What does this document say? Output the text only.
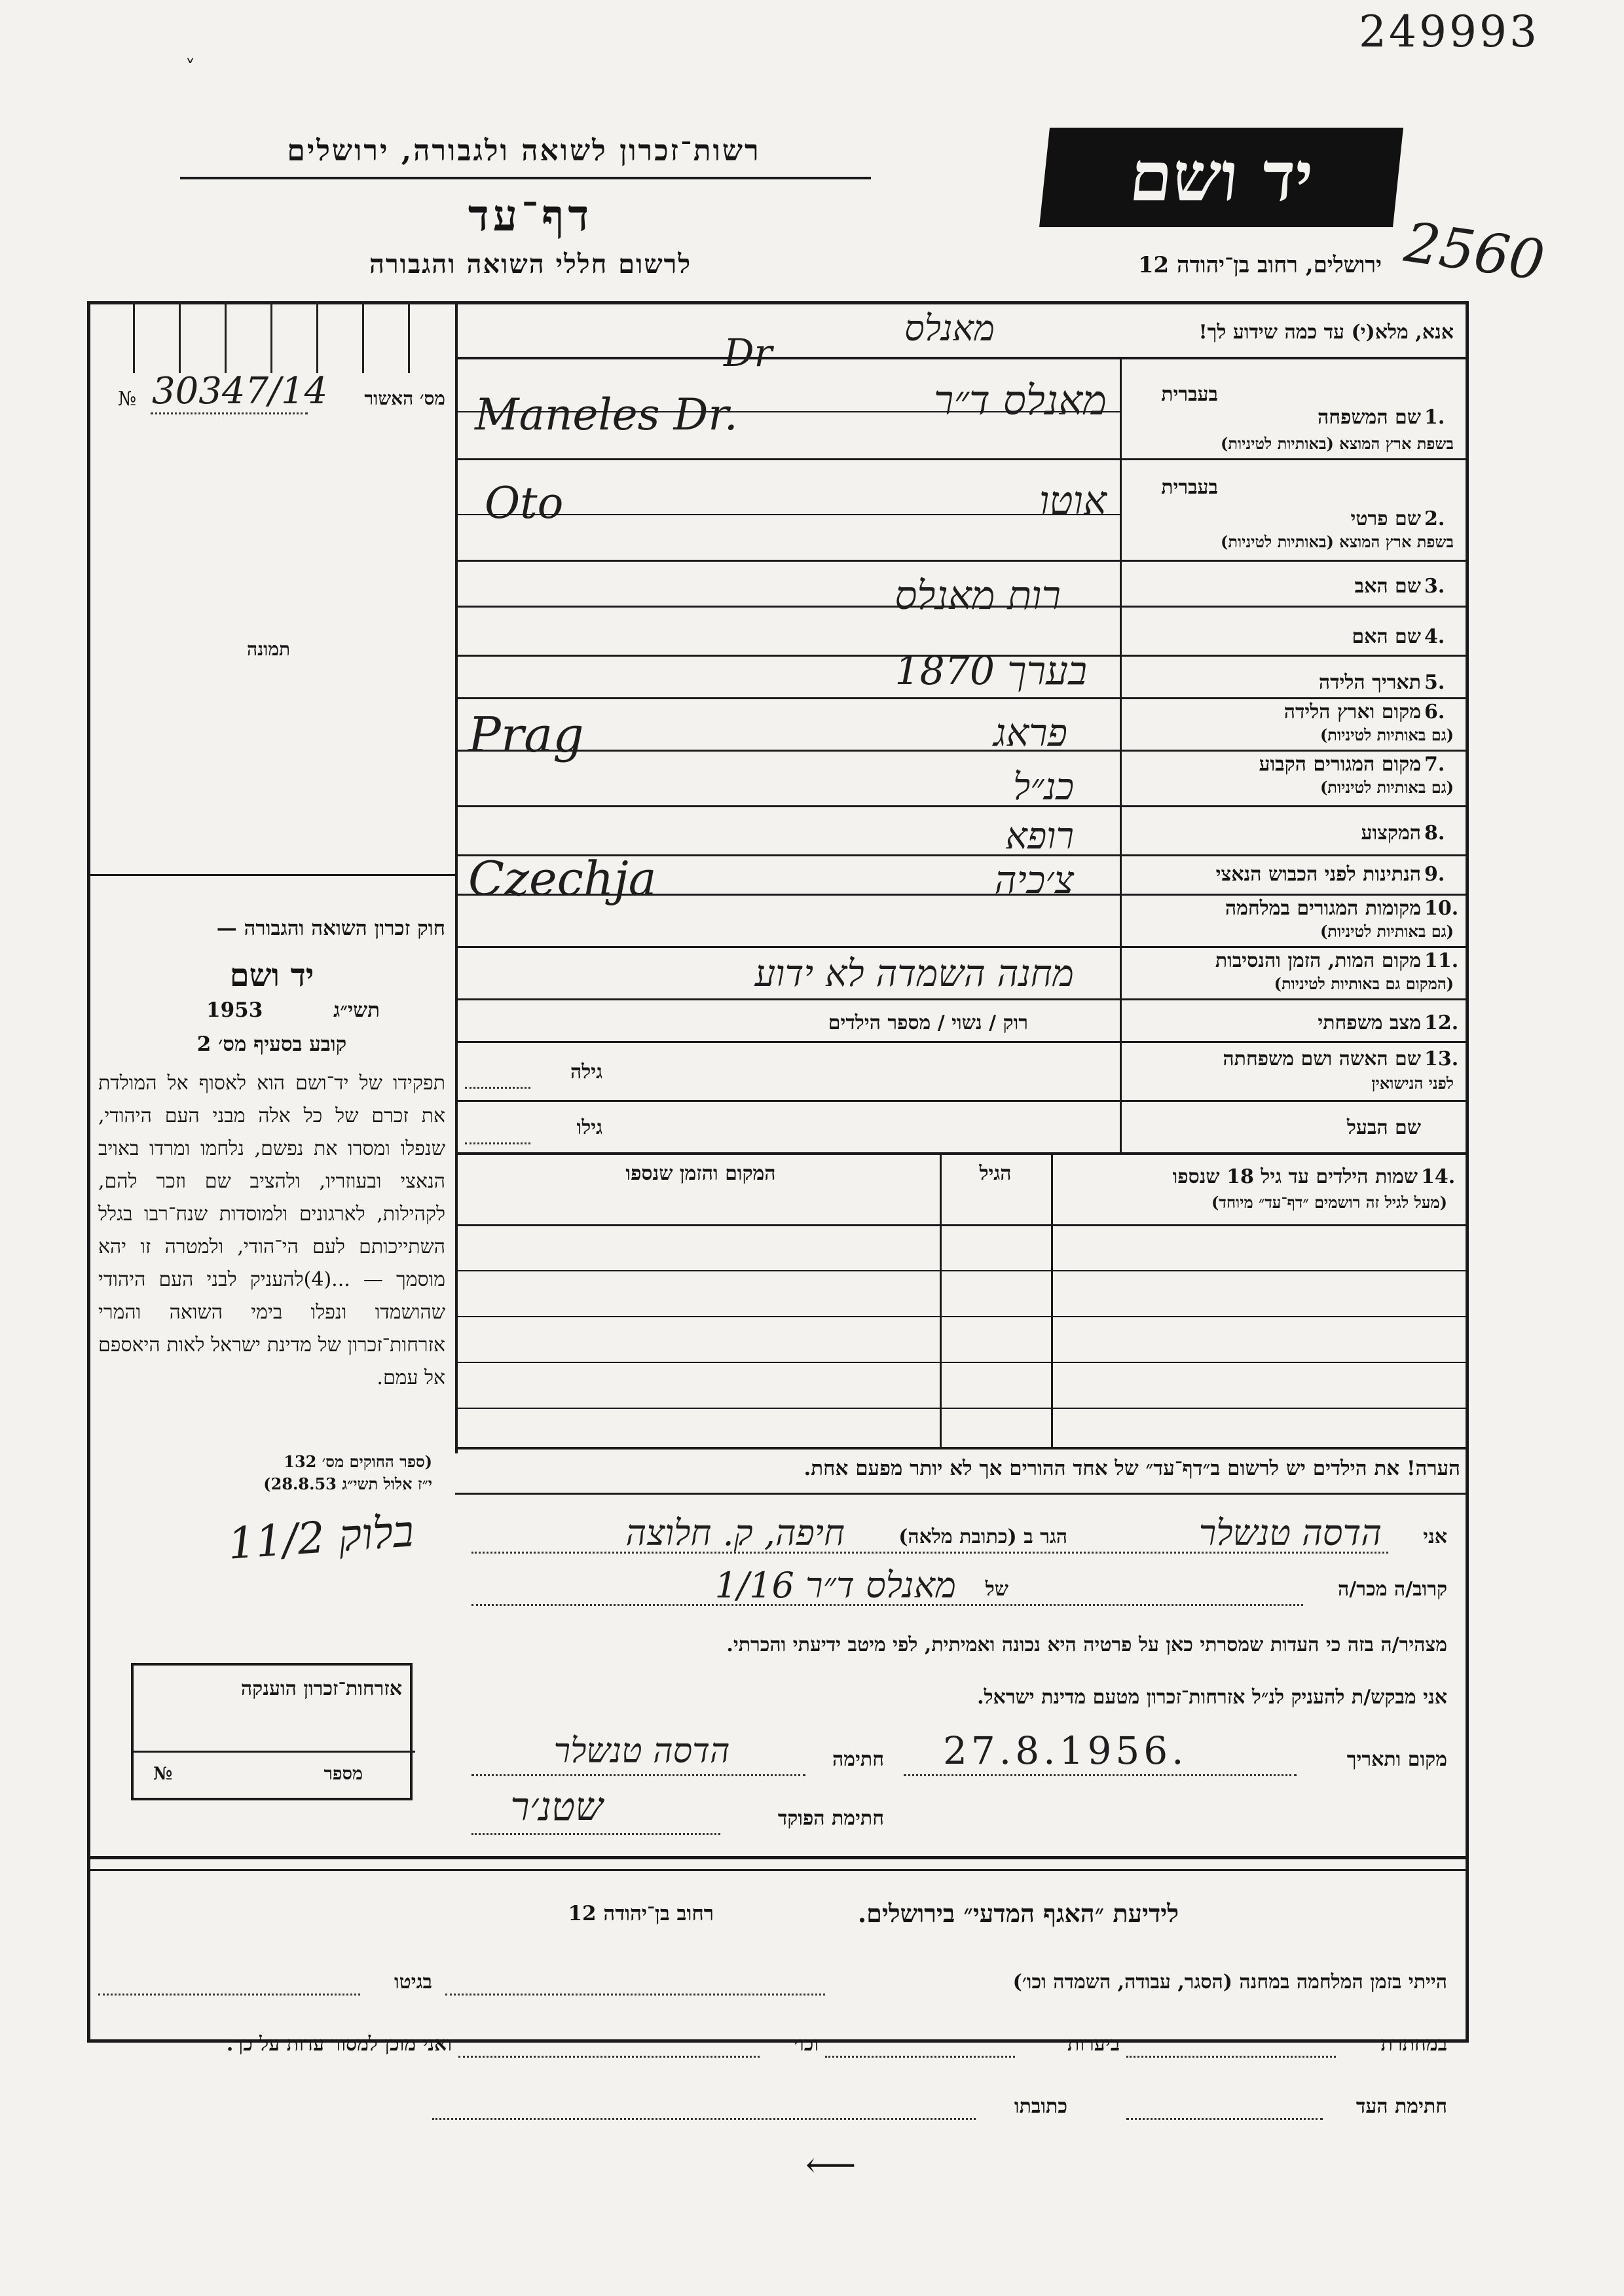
249993
˅
רשות־זכרון לשואה ולגבורה, ירושלים
דף־עד
לרשום חללי השואה והגבורה
יד ושם
ירושלים, רחוב בן־יהודה 12 2560
№ 30347/14	מס׳ האשור
תמונה
אנא, מלא(י) עד כמה שידוע לך!
מאנלס
Dr
בעברית
1.
שם המשפחה
בשפת ארץ המוצא (באותיות לטיניות)
מאנלס ד״ר
Maneles Dr.
בעברית
2.
שם פרטי
בשפת ארץ המוצא (באותיות לטיניות)
אוטו
Oto
3.
שם האב
4.
שם האם
רות מאנלס
5.
תאריך הלידה
בערך 1870
6.
מקום וארץ הלידה
(גם באותיות לטיניות)
פראג
Prag
7.
מקום המגורים הקבוע
(גם באותיות לטיניות)
כנ״ל
8.
המקצוע
רופא
9.
הנתינות לפני הכבוש הנאצי
צ׳כיה
Czechja
10.
מקומות המגורים במלחמה
(גם באותיות לטיניות)
11.
מקום המות, הזמן והנסיבות
(המקום גם באותיות לטיניות)
מחנה השמדה לא ידוע
12.
מצב משפחתי
רוק / נשוי / מספר הילדים
13.
שם האשה ושם משפחתה
לפני הנישואין
גילה
שם הבעל
גילו
14.
שמות הילדים עד גיל 18 שנספו
(מעל לגיל זה רושמים ״דף־עד״ מיוחד)
הגיל
המקום והזמן שנספו
חוק זכרון השואה והגבורה —
יד ושם
תשי״ג
1953
קובע בסעיף מס׳ 2
תפקידו של יד־ושם הוא לאסוף אל המולדת את זכרם של כל אלה מבני העם היהודי, שנפלו ומסרו את נפשם, נלחמו ומרדו באויב הנאצי ובעוזריו, ולהציב שם וזכר להם, לקהילות, לארגונים ולמוסדות שנח־רבו בגלל השתייכותם לעם הי־הודי, ולמטרה זו יהא מוסמך — ...(4)להעניק לבני העם היהודי שהושמדו ונפלו בימי השואה והמרי אזרחות־זכרון של מדינת ישראל לאות היאספם אל עמם.
(ספר החוקים מס׳ 132
י״ז אלול תשי״ג 28.8.53)
הערה! את הילדים יש לרשום ב״דף־עד״ של אחד ההורים אך לא יותר מפעם אחת.
אני
הדסה טנשלר
הגר ב (כתובת מלאה)
חיפה, ק. חלוצה
קרוב/ה מכר/ה
של
מאנלס ד״ר 1/16
מצהיר/ה בזה כי העדות שמסרתי כאן על פרטיה היא נכונה ואמיתית, לפי מיטב ידיעתי והכרתי.
אני מבקש/ת להעניק לנ״ל אזרחות־זכרון מטעם מדינת ישראל.
מקום ותאריך
27.8.1956.
חתימה
הדסה טנשלר
חתימת הפוקד
שטנ׳ר
בלוק 11/2
אזרחות־זכרון הוענקה
מספר
№
לידיעת ״האגף המדעי״ בירושלים.
רחוב בן־יהודה 12
הייתי בזמן המלחמה במחנה (הסגר, עבודה, השמדה וכו׳)
בגיטו
במחתרת
ביערות
וכו׳
ואני מוכן למסור עדות על כך.
חתימת העד
כתובתו
⟵
